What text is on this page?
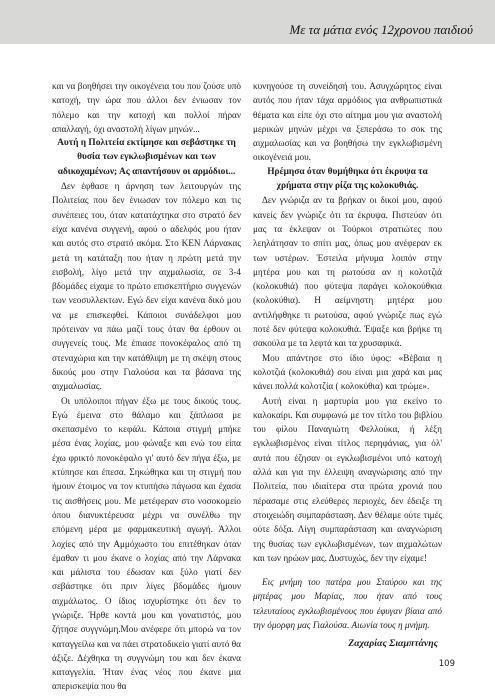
Με τα μάτια ενός 12χρονου παιδιού

και να βοηθήσει την οικογένεια του που ζούσε υπό κατοχή, την ώρα που άλλοι δεν ένιωσαν τον πόλεμο και την κατοχή και πολλοί πήραν απαλλαγή, όχι αναστολή λίγων μηνών...

Αυτή η Πολιτεία εκτίμησε και σεβάστηκε τη θυσία των εγκλωβισμένων και των αδικοχαμένων; Ας απαντήσουν οι αρμόδιοι...

Δεν έφθασε η άρνηση των λειτουργών της Πολιτείας που δεν ένιωσαν τον πόλεμο και τις συνέπειες του, όταν κατατάχτηκα στο στρατό δεν είχα κανένα συγγενή, αφού ο αδελφός μου ήταν και αυτός στο στρατό ακόμα. Στο ΚΕΝ Λάρνακας μετά τη κατάταξη που ήταν η πρώτη μετά την εισβολή, λίγο μετά την αιχμαλωσία, σε 3-4 βδομάδες είχαμε το πρώτο επισκεπτήριο συγγενών των νεοσυλλεκτων. Εγώ δεν είχα κανένα δικό μου να με επισκεφθεί. Κάποιοι συνάδελφοι μου πρότειναν να πάω μαζί τους όταν θα έρθουν οι συγγενείς τους. Με έπιασε πονοκέφαλος από τη στεναχώρια και την κατάθλιψη με τη σκέψη στους δικούς μου στην Γιαλούσα και τα βάσανα της αιχμαλωσίας.

Οι υπόλοιποι πήγαν έξω με τους δικούς τους. Εγώ έμεινα στο θάλαμο και ξάπλωσα με σκεπασμένο το κεφάλι. Κάποια στιγμή μπήκε μέσα ένας λοχίας, μου φώναξε και ενώ του είπα έχω φρικτό πονοκέφαλο γι' αυτό δεν πήγα έξω, με κτύπησε και έπεσα. Σηκώθηκα και τη στιγμή που ήμουν έτοιμος να τον κτυπήσω πάγωσα και έχασα τις αισθήσεις μου. Με μετέφεραν στο νοσοκομείο όπου διανυκτέρευσα μέχρι να συνέλθω την επόμενη μέρα με φαρμακευτική αγωγή. Άλλοι λοχίες από την Αμμόχωστο του επιτέθηκαν όταν έμαθαν τι μου έκανε ο λοχίας από την Λάρνακα και μάλιστα του έδωσαν και ξύλο γιατί δεν σεβάστηκε ότι πριν λίγες βδομάδες ήμουν αιχμάλωτος. Ο ίδιος ισχυρίστηκε ότι δεν το γνώριζε. Ήρθε κοντά μου και γονατιστός, μου ζήτησε συγγνώμη.Μου ανέφερε ότι μπορώ να τον καταγγείλω και να πάει στρατοδικείο γιατί αυτό θα άξιζε. Δέχθηκα τη συγγνώμη του και δεν έκανα καταγγελία. Ήταν ένας νέος που έκανε μια απερισκεψία που θα

κυνηγούσε τη συνείδησή του. Ασυγχώρητος είναι αυτός που ήταν τάχα αρμόδιος για ανθρωπιστικά θέματα και είπε όχι στο αίτημα μου για αναστολή μερικών μηνών μέχρι να ξεπεράσω το σοκ της αιχμαλωσίας και να βοηθήσω την εγκλωβισμένη οικογένειά μου.

Ηρέμησα όταν θυμήθηκα ότι έκρυψα τα χρήματα στην ρίζα της κολοκυθιάς.

Δεν γνώριζα αν τα βρήκαν οι δικοί μου, αφού κανείς δεν γνώριζε ότι τα έκρυψα. Πιστεύαν ότι μας τα έκλεψαν οι Τούρκοι στρατιώτες που λεηλάτησαν το σπίτι μας, όπως μου ανέφεραν εκ των υστέρων. Έστειλα μήνυμα λοιπόν στην μητέρα μου και τη ρωτούσα αν η κολοτζιά (κολοκυθιά) που φύτεψα παράγει κολοκούθκια (κολοκύθια). Η αείμνηστη μητέρα μου αντιλήφθηκε τι ρωτούσα, αφού γνώριζε πως εγώ ποτέ δεν φύτεψα κολοκυθιά. Έψαξε και βρήκε τη σακούλα με τα λεφτά και τα χρυσαφικά.

Μου απάντησε στο ίδιο ύφος: «Βέβαια η κολοτζιά (κολοκυθιά) σου είναι μια χαρά και μας κάνει πολλά κολοτζία ( κολοκύθια) και τρώμε».

Αυτή είναι η μαρτυρία μου για εκείνο το καλοκαίρι. Και συμφωνώ με τον τίτλο του βιβλίου του φίλου Παναγιώτη Φελλούκα, ή λέξη εγκλωβισμένος είναι τίτλος περηφάνιας, για όλ' αυτά που έζησαν οι εγκλωβισμένοι υπό κατοχή αλλά και για την έλλειψη αναγνώρισης από την Πολιτεία, που ιδιαίτερα στα πρώτα χρονιά που πέρασαμε στις ελεύθερες περιοχές, δεν έδειξε τη στοιχειώδη συμπαράσταση. Δεν θέλαμε ούτε τιμές ούτε δόξα. Λίγη συμπαράσταση και αναγνώριση της θυσίας των εγκλωβισμένων, των αιχμαλώτων και των ηρώων μας. Δυστυχώς, δεν την είχαμε!

Εις μνήμη του πατέρα μου Σταύρου και της μητέρας μου Μαρίας, που ήταν από τους τελευταίους εγκλωβισμένους που έφυγαν βίαια από την όμορφη μας Γιαλούσα. Αιωνία τους η μνήμη.

Ζαχαρίας Σιαμπτάνης

109
